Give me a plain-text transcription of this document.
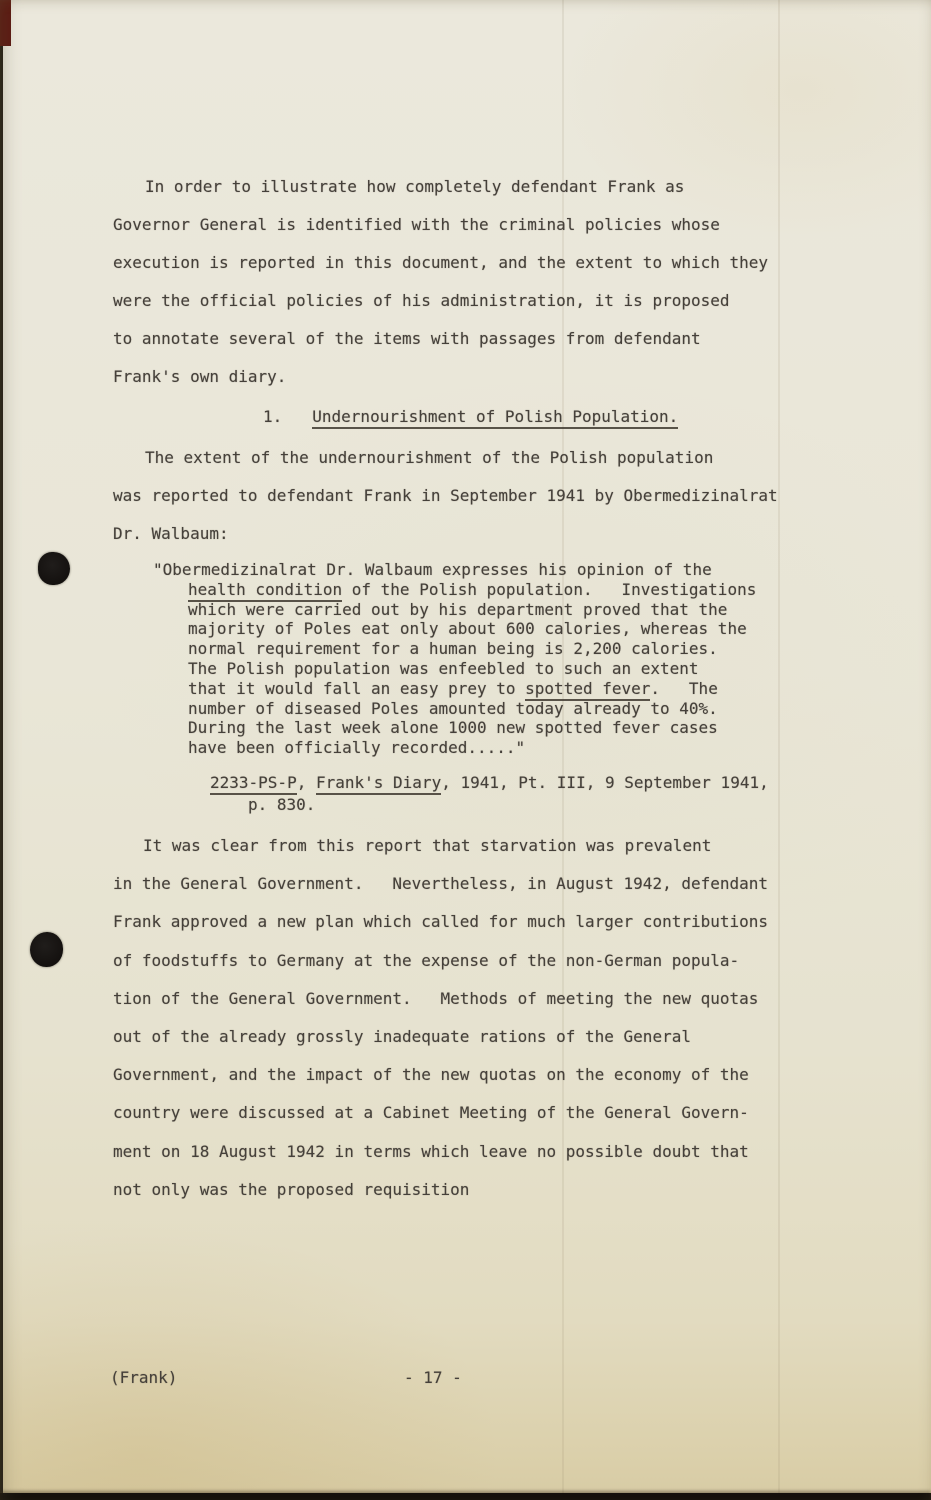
In order to illustrate how completely defendant Frank as
Governor General is identified with the criminal policies whose
execution is reported in this document, and the extent to which they
were the official policies of his administration, it is proposed
to annotate several of the items with passages from defendant
Frank's own diary.
1. Undernourishment of Polish Population.
The extent of the undernourishment of the Polish population
was reported to defendant Frank in September 1941 by Obermedizinalrat
Dr. Walbaum:
"Obermedizinalrat Dr. Walbaum expresses his opinion of the
health condition of the Polish population.   Investigations
which were carried out by his department proved that the
majority of Poles eat only about 600 calories, whereas the
normal requirement for a human being is 2,200 calories.
The Polish population was enfeebled to such an extent
that it would fall an easy prey to spotted fever.   The
number of diseased Poles amounted today already to 40%.
During the last week alone 1000 new spotted fever cases
have been officially recorded....."
2233-PS-P, Frank's Diary, 1941, Pt. III, 9 September 1941,
p. 830.
It was clear from this report that starvation was prevalent
in the General Government.   Nevertheless, in August 1942, defendant
Frank approved a new plan which called for much larger contributions
of foodstuffs to Germany at the expense of the non-German popula-
tion of the General Government.   Methods of meeting the new quotas
out of the already grossly inadequate rations of the General
Government, and the impact of the new quotas on the economy of the
country were discussed at a Cabinet Meeting of the General Govern-
ment on 18 August 1942 in terms which leave no possible doubt that
not only was the proposed requisition
(Frank)	- 17 -
